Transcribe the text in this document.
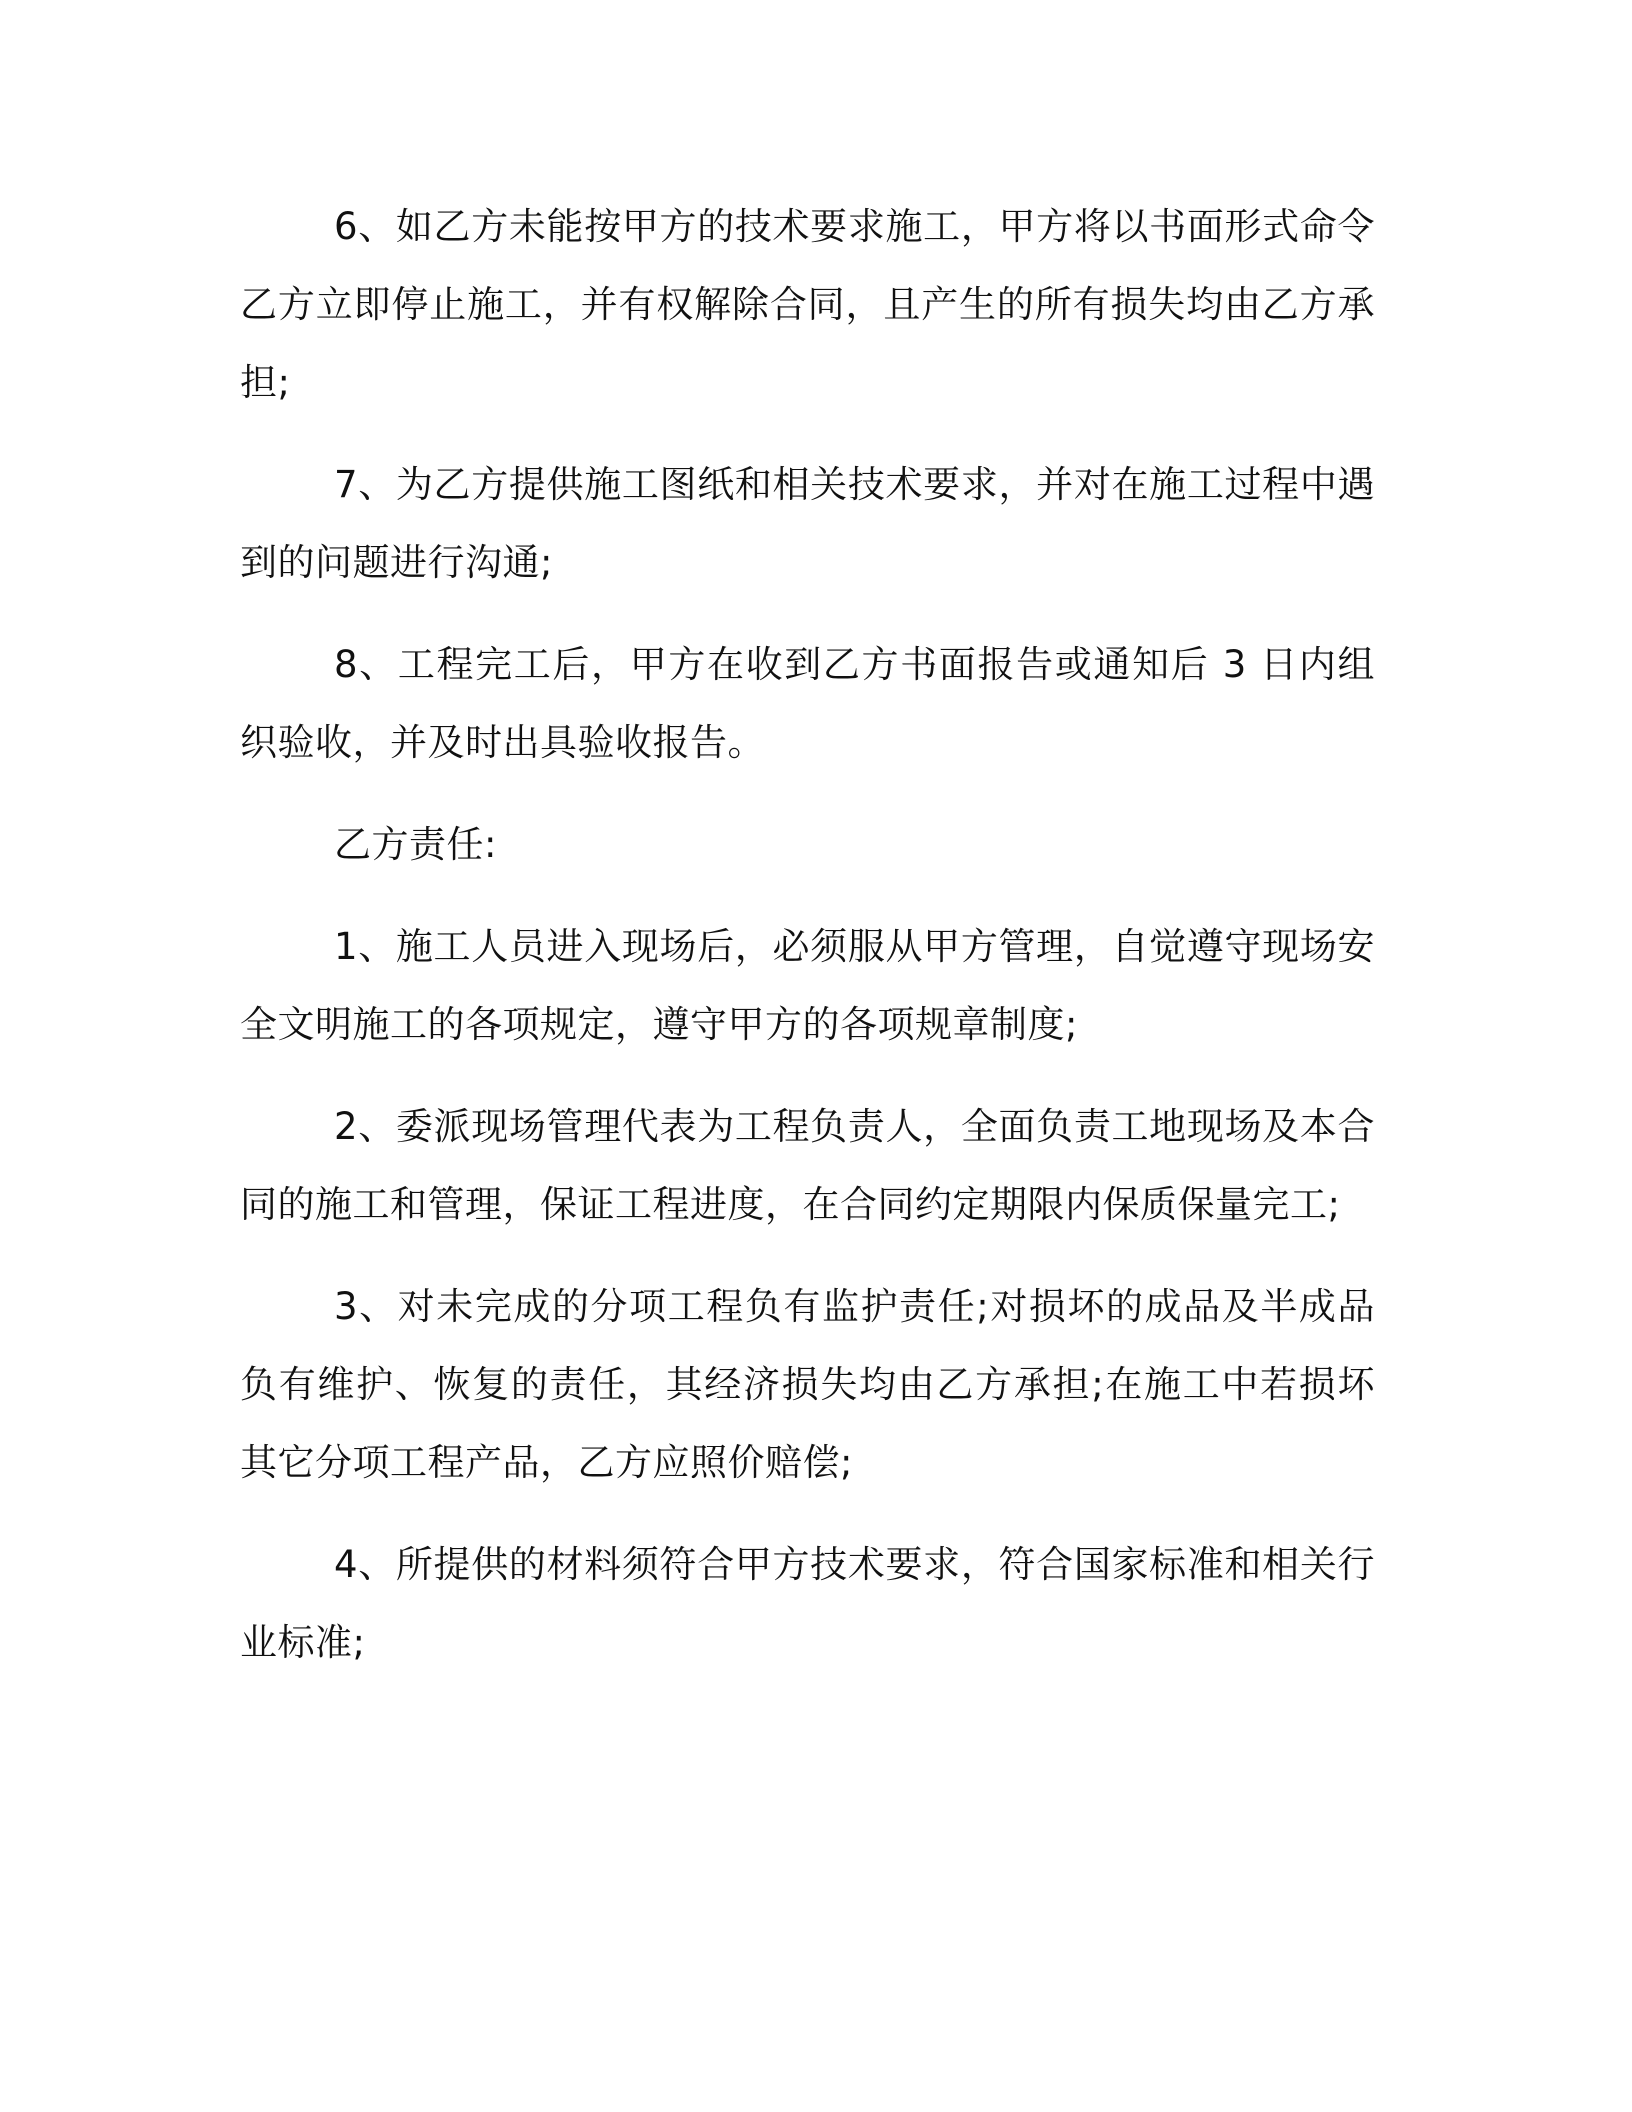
6、如乙方未能按甲方的技术要求施工，甲方将以书面形式命令乙方立即停止施工，并有权解除合同，且产生的所有损失均由乙方承担;

7、为乙方提供施工图纸和相关技术要求，并对在施工过程中遇到的问题进行沟通;

8、工程完工后，甲方在收到乙方书面报告或通知后 3 日内组织验收，并及时出具验收报告。

乙方责任:

1、施工人员进入现场后，必须服从甲方管理，自觉遵守现场安全文明施工的各项规定，遵守甲方的各项规章制度;

2、委派现场管理代表为工程负责人，全面负责工地现场及本合同的施工和管理，保证工程进度，在合同约定期限内保质保量完工;

3、对未完成的分项工程负有监护责任;对损坏的成品及半成品负有维护、恢复的责任，其经济损失均由乙方承担;在施工中若损坏其它分项工程产品，乙方应照价赔偿;

4、所提供的材料须符合甲方技术要求，符合国家标准和相关行业标准;
